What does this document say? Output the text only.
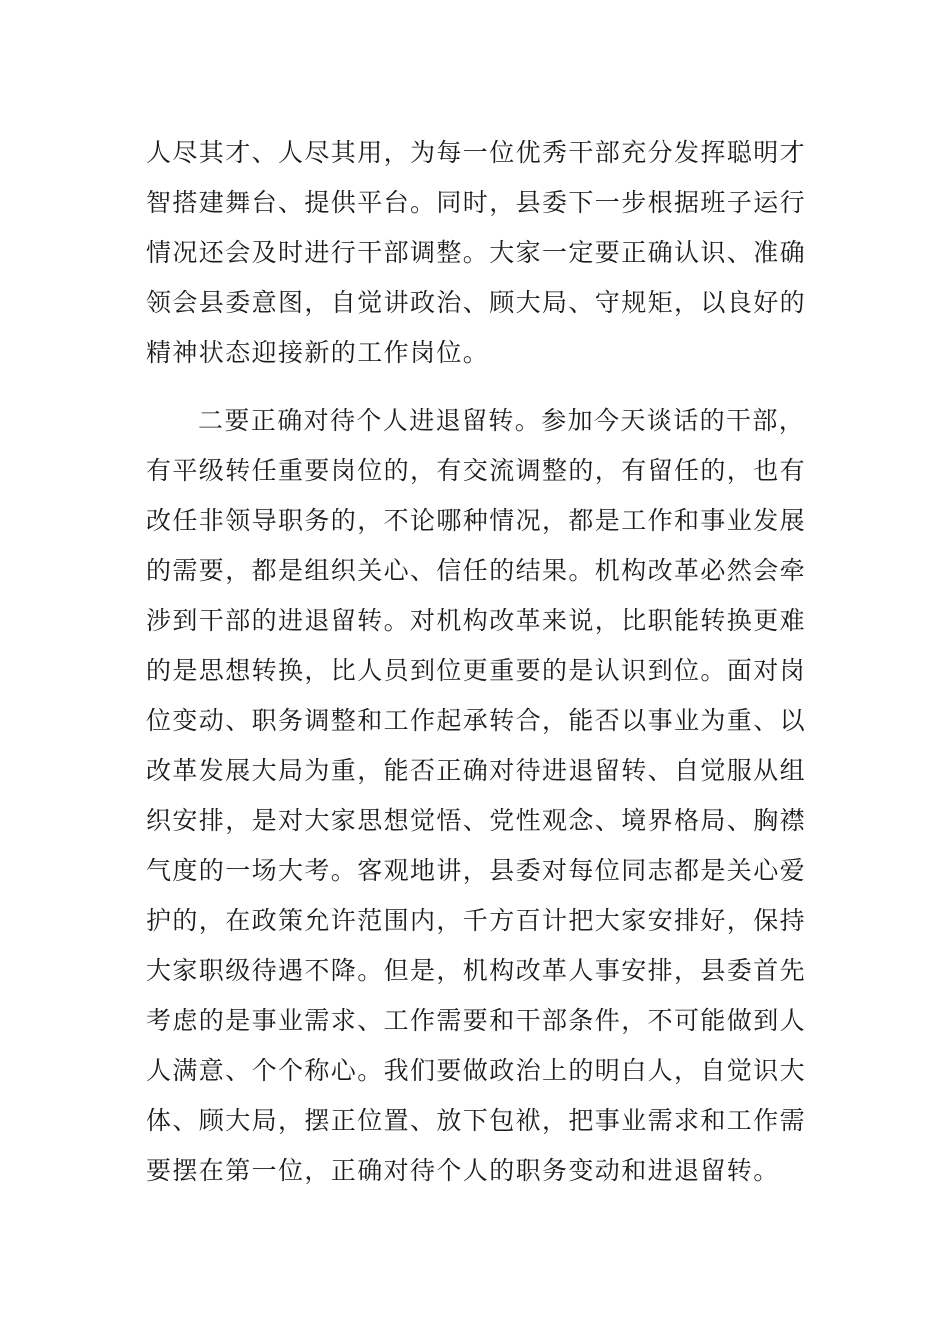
人尽其才、人尽其用，为每一位优秀干部充分发挥聪明才
智搭建舞台、提供平台。同时，县委下一步根据班子运行
情况还会及时进行干部调整。大家一定要正确认识、准确
领会县委意图，自觉讲政治、顾大局、守规矩，以良好的
精神状态迎接新的工作岗位。
二要正确对待个人进退留转。参加今天谈话的干部，
有平级转任重要岗位的，有交流调整的，有留任的，也有
改任非领导职务的，不论哪种情况，都是工作和事业发展
的需要，都是组织关心、信任的结果。机构改革必然会牵
涉到干部的进退留转。对机构改革来说，比职能转换更难
的是思想转换，比人员到位更重要的是认识到位。面对岗
位变动、职务调整和工作起承转合，能否以事业为重、以
改革发展大局为重，能否正确对待进退留转、自觉服从组
织安排，是对大家思想觉悟、党性观念、境界格局、胸襟
气度的一场大考。客观地讲，县委对每位同志都是关心爱
护的，在政策允许范围内，千方百计把大家安排好，保持
大家职级待遇不降。但是，机构改革人事安排，县委首先
考虑的是事业需求、工作需要和干部条件，不可能做到人
人满意、个个称心。我们要做政治上的明白人，自觉识大
体、顾大局，摆正位置、放下包袱，把事业需求和工作需
要摆在第一位，正确对待个人的职务变动和进退留转。
